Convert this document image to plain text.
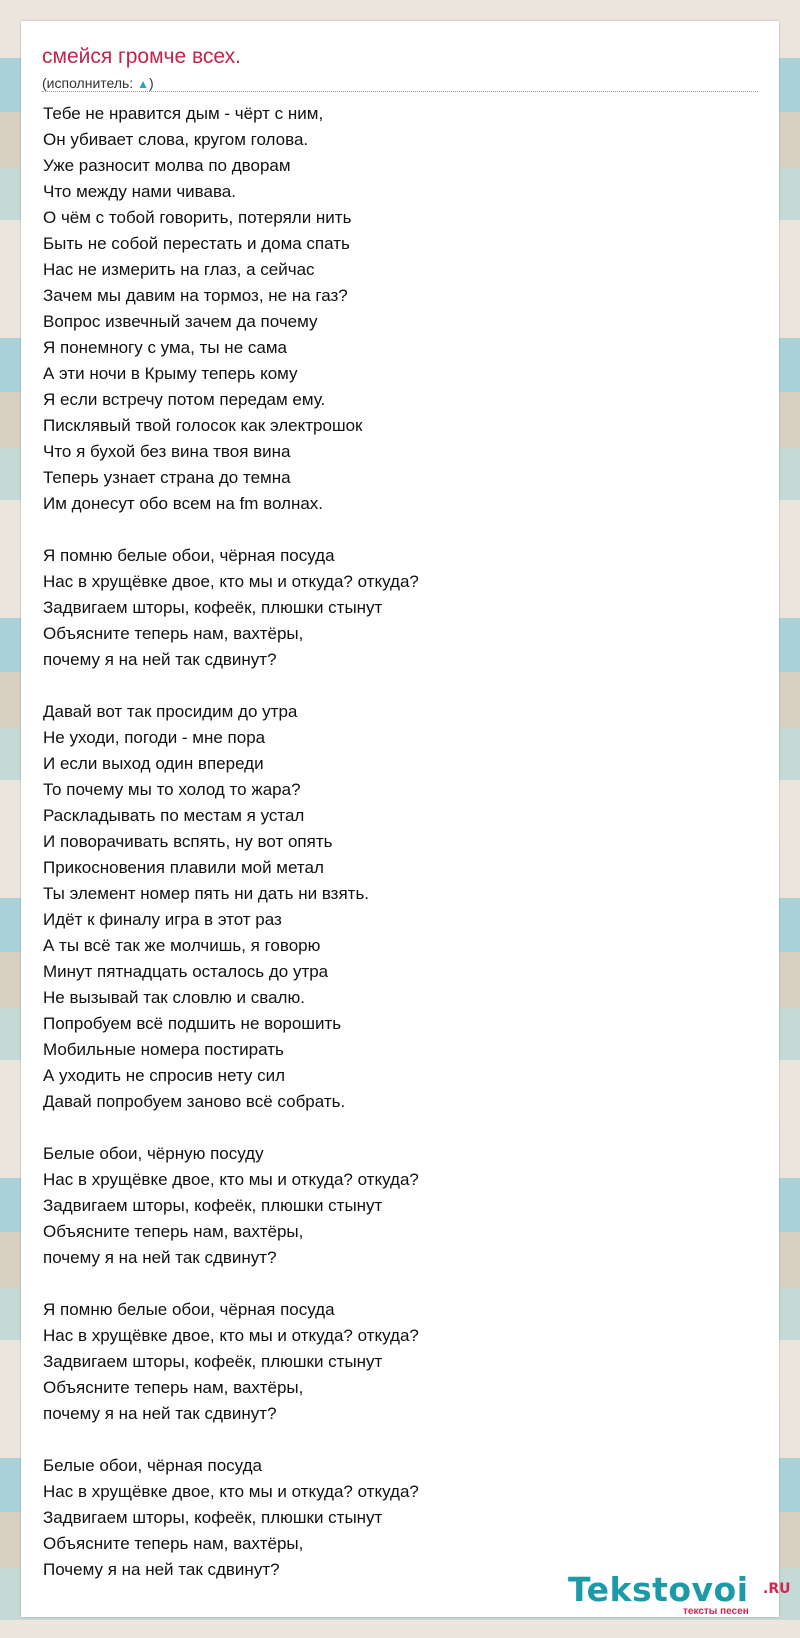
смейся громче всех.
(исполнитель: ▲)
Тебе не нравится дым - чёрт с ним,
Он убивает слова, кругом голова.
Уже разносит молва по дворам
Что между нами чивава.
О чём с тобой говорить, потеряли нить
Быть не собой перестать и дома спать
Нас не измерить на глаз, а сейчас
Зачем мы давим на тормоз, не на газ?
Вопрос извечный зачем да почему
Я понемногу с ума, ты не сама
А эти ночи в Крыму теперь кому
Я если встречу потом передам ему.
Писклявый твой голосок как электрошок
Что я бухой без вина твоя вина
Теперь узнает страна до темна
Им донесут обо всем на fm волнах.
Я помню белые обои, чёрная посуда
Нас в хрущёвке двое, кто мы и откуда? откуда?
Задвигаем шторы, кофеёк, плюшки стынут
Объясните теперь нам, вахтёры,
почему я на ней так сдвинут?
Давай вот так просидим до утра
Не уходи, погоди - мне пора
И если выход один впереди
То почему мы то холод то жара?
Раскладывать по местам я устал
И поворачивать вспять, ну вот опять
Прикосновения плавили мой метал
Ты элемент номер пять ни дать ни взять.
Идёт к финалу игра в этот раз
А ты всё так же молчишь, я говорю
Минут пятнадцать осталось до утра
Не вызывай так словлю и свалю.
Попробуем всё подшить не ворошить
Мобильные номера постирать
А уходить не спросив нету сил
Давай попробуем заново всё собрать.
Белые обои, чёрную посуду
Нас в хрущёвке двое, кто мы и откуда? откуда?
Задвигаем шторы, кофеёк, плюшки стынут
Объясните теперь нам, вахтёры,
почему я на ней так сдвинут?
Я помню белые обои, чёрная посуда
Нас в хрущёвке двое, кто мы и откуда? откуда?
Задвигаем шторы, кофеёк, плюшки стынут
Объясните теперь нам, вахтёры,
почему я на ней так сдвинут?
Белые обои, чёрная посуда
Нас в хрущёвке двое, кто мы и откуда? откуда?
Задвигаем шторы, кофеёк, плюшки стынут
Объясните теперь нам, вахтёры,
Почему я на ней так сдвинут?
Tekstovoi .RU
тексты песен
